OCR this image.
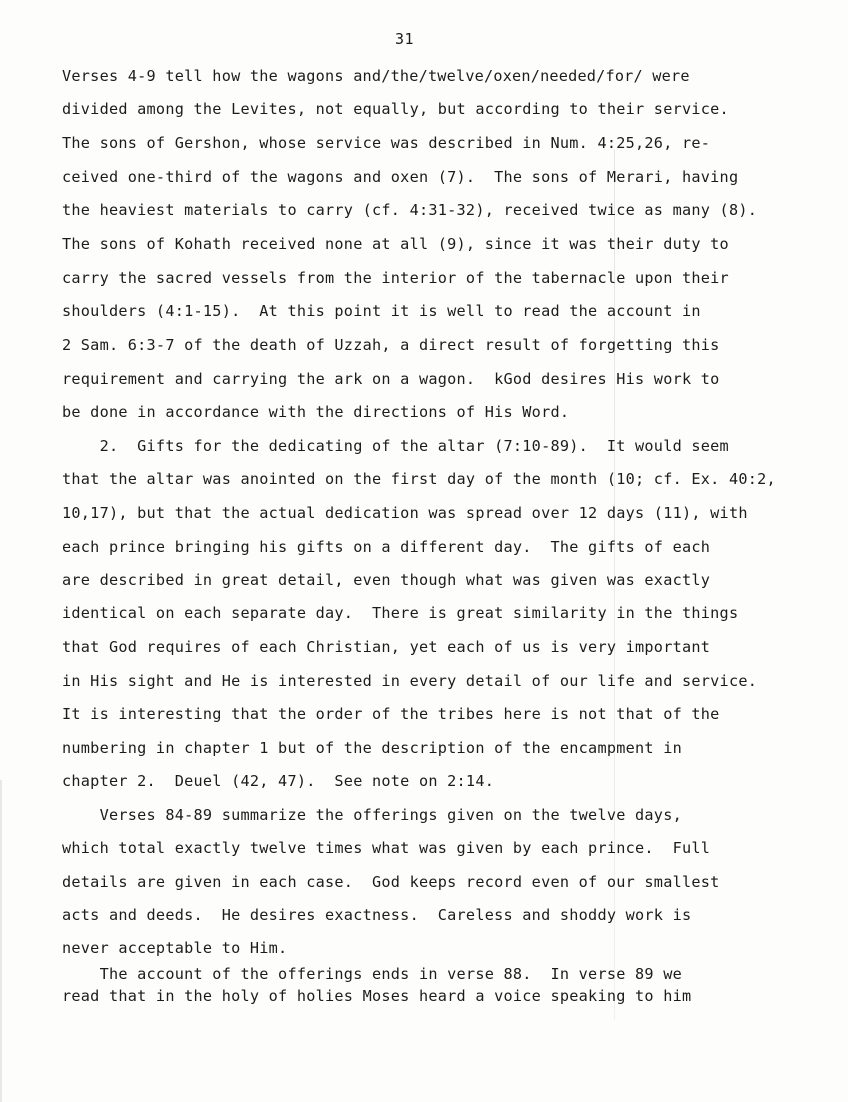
31
Verses 4-9 tell how the wagons and/the/twelve/oxen/needed/for/ were
divided among the Levites, not equally, but according to their service.
The sons of Gershon, whose service was described in Num. 4:25,26, re-
ceived one-third of the wagons and oxen (7).  The sons of Merari, having
the heaviest materials to carry (cf. 4:31-32), received twice as many (8).
The sons of Kohath received none at all (9), since it was their duty to
carry the sacred vessels from the interior of the tabernacle upon their
shoulders (4:1-15).  At this point it is well to read the account in
2 Sam. 6:3-7 of the death of Uzzah, a direct result of forgetting this
requirement and carrying the ark on a wagon.  kGod desires His work to
be done in accordance with the directions of His Word.
2.  Gifts for the dedicating of the altar (7:10-89).  It would seem
that the altar was anointed on the first day of the month (10; cf. Ex. 40:2,
10,17), but that the actual dedication was spread over 12 days (11), with
each prince bringing his gifts on a different day.  The gifts of each
are described in great detail, even though what was given was exactly
identical on each separate day.  There is great similarity in the things
that God requires of each Christian, yet each of us is very important
in His sight and He is interested in every detail of our life and service.
It is interesting that the order of the tribes here is not that of the
numbering in chapter 1 but of the description of the encampment in
chapter 2.  Deuel (42, 47).  See note on 2:14.
Verses 84-89 summarize the offerings given on the twelve days,
which total exactly twelve times what was given by each prince.  Full
details are given in each case.  God keeps record even of our smallest
acts and deeds.  He desires exactness.  Careless and shoddy work is
never acceptable to Him.
The account of the offerings ends in verse 88.  In verse 89 we
read that in the holy of holies Moses heard a voice speaking to him
